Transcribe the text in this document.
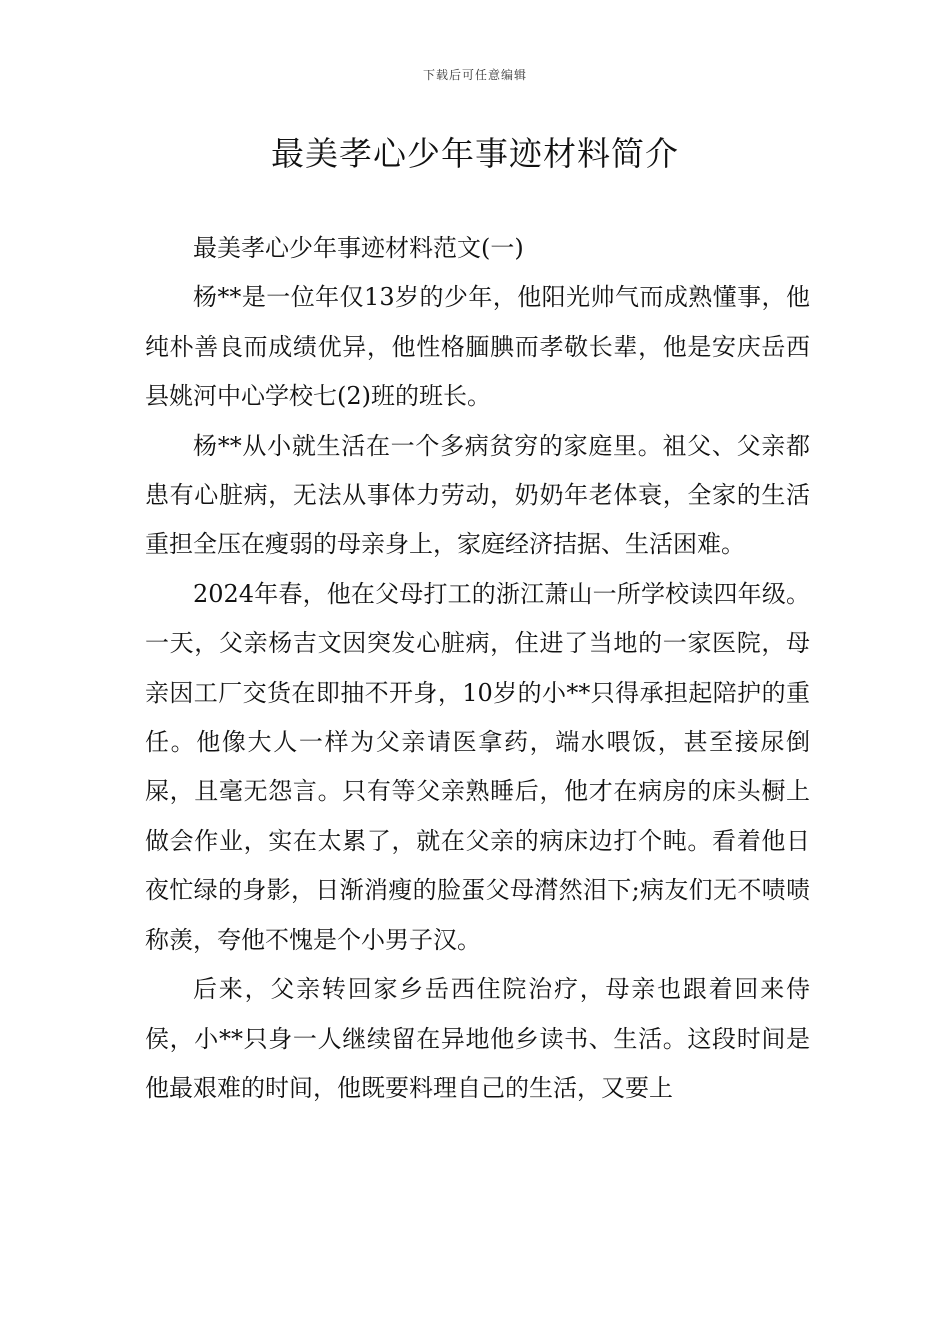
下载后可任意编辑
最美孝心少年事迹材料简介

最美孝心少年事迹材料范文(一)

杨**是一位年仅13岁的少年，他阳光帅气而成熟懂事，他纯朴善良而成绩优异，他性格腼腆而孝敬长辈，他是安庆岳西县姚河中心学校七(2)班的班长。

杨**从小就生活在一个多病贫穷的家庭里。祖父、父亲都患有心脏病，无法从事体力劳动，奶奶年老体衰，全家的生活重担全压在瘦弱的母亲身上，家庭经济拮据、生活困难。

2024年春，他在父母打工的浙江萧山一所学校读四年级。一天，父亲杨吉文因突发心脏病，住进了当地的一家医院，母亲因工厂交货在即抽不开身，10岁的小**只得承担起陪护的重任。他像大人一样为父亲请医拿药，端水喂饭，甚至接尿倒屎，且毫无怨言。只有等父亲熟睡后，他才在病房的床头橱上做会作业，实在太累了，就在父亲的病床边打个盹。看着他日夜忙绿的身影，日渐消瘦的脸蛋父母潸然泪下;病友们无不啧啧称羡，夸他不愧是个小男子汉。

后来，父亲转回家乡岳西住院治疗，母亲也跟着回来侍侯，小**只身一人继续留在异地他乡读书、生活。这段时间是他最艰难的时间，他既要料理自己的生活，又要上
